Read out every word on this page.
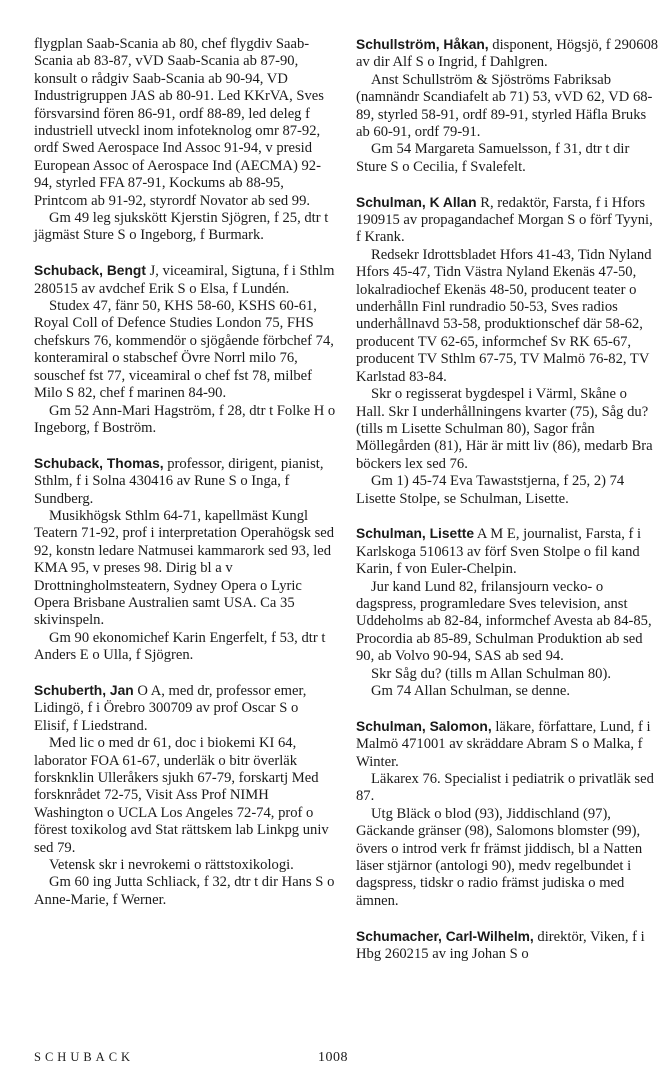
flygplan Saab-Scania ab 80, chef flygdiv Saab-Scania ab 83-87, vVD Saab-Scania ab 87-90, konsult o rådgiv Saab-Scania ab 90-94, VD Industrigruppen JAS ab 80-91. Led KKrVA, Sves försvarsind fören 86-91, ordf 88-89, led deleg f industriell utveckl inom infoteknolog omr 87-92, ordf Swed Aerospace Ind Assoc 91-94, v presid European Assoc of Aerospace Ind (AECMA) 92-94, styrled FFA 87-91, Kockums ab 88-95, Printcom ab 91-92, styrordf Novator ab sed 99.

Gm 49 leg sjukskött Kjerstin Sjögren, f 25, dtr t jägmäst Sture S o Ingeborg, f Burmark.

Schuback, Bengt J, viceamiral, Sigtuna, f i Sthlm 280515 av avdchef Erik S o Elsa, f Lundén.

Studex 47, fänr 50, KHS 58-60, KSHS 60-61, Royal Coll of Defence Studies London 75, FHS chefskurs 76, kommendör o sjögående förbchef 74, konteramiral o stabschef Övre Norrl milo 76, souschef fst 77, viceamiral o chef fst 78, milbef Milo S 82, chef f marinen 84-90.

Gm 52 Ann-Mari Hagström, f 28, dtr t Folke H o Ingeborg, f Boström.

Schuback, Thomas, professor, dirigent, pianist, Sthlm, f i Solna 430416 av Rune S o Inga, f Sundberg.

Musikhögsk Sthlm 64-71, kapellmäst Kungl Teatern 71-92, prof i interpretation Operahögsk sed 92, konstn ledare Natmusei kammarork sed 93, led KMA 95, v preses 98. Dirig bl a v Drottningholmsteatern, Sydney Opera o Lyric Opera Brisbane Australien samt USA. Ca 35 skivinspeln.

Gm 90 ekonomichef Karin Engerfelt, f 53, dtr t Anders E o Ulla, f Sjögren.

Schuberth, Jan O A, med dr, professor emer, Lidingö, f i Örebro 300709 av prof Oscar S o Elisif, f Liedstrand.

Med lic o med dr 61, doc i biokemi KI 64, laborator FOA 61-67, underläk o bitr överläk forsknklin Ulleråkers sjukh 67-79, forskartj Med forsknrådet 72-75, Visit Ass Prof NIMH Washington o UCLA Los Angeles 72-74, prof o förest toxikolog avd Stat rättskem lab Linkpg univ sed 79.

Vetensk skr i nevrokemi o rättstoxikologi.

Gm 60 ing Jutta Schliack, f 32, dtr t dir Hans S o Anne-Marie, f Werner.

Schullström, Håkan, disponent, Högsjö, f 290608 av dir Alf S o Ingrid, f Dahlgren.

Anst Schullström & Sjöströms Fabriksab (namnändr Scandiafelt ab 71) 53, vVD 62, VD 68-89, styrled 58-91, ordf 89-91, styrled Häfla Bruks ab 60-91, ordf 79-91.

Gm 54 Margareta Samuelsson, f 31, dtr t dir Sture S o Cecilia, f Svalefelt.

Schulman, K Allan R, redaktör, Farsta, f i Hfors 190915 av propagandachef Morgan S o förf Tyyni, f Krank.

Redsekr Idrottsbladet Hfors 41-43, Tidn Nyland Hfors 45-47, Tidn Västra Nyland Ekenäs 47-50, lokalradiochef Ekenäs 48-50, producent teater o underhålln Finl rundradio 50-53, Sves radios underhållnavd 53-58, produktionschef där 58-62, producent TV 62-65, informchef Sv RK 65-67, producent TV Sthlm 67-75, TV Malmö 76-82, TV Karlstad 83-84.

Skr o regisserat bygdespel i Värml, Skåne o Hall. Skr I underhållningens kvarter (75), Såg du? (tills m Lisette Schulman 80), Sagor från Möllegården (81), Här är mitt liv (86), medarb Bra böckers lex sed 76.

Gm 1) 45-74 Eva Tawaststjerna, f 25, 2) 74 Lisette Stolpe, se Schulman, Lisette.

Schulman, Lisette A M E, journalist, Farsta, f i Karlskoga 510613 av förf Sven Stolpe o fil kand Karin, f von Euler-Chelpin.

Jur kand Lund 82, frilansjourn vecko- o dagspress, programledare Sves television, anst Uddeholms ab 82-84, informchef Avesta ab 84-85, Procordia ab 85-89, Schulman Produktion ab sed 90, ab Volvo 90-94, SAS ab sed 94.

Skr Såg du? (tills m Allan Schulman 80).

Gm 74 Allan Schulman, se denne.

Schulman, Salomon, läkare, författare, Lund, f i Malmö 471001 av skräddare Abram S o Malka, f Winter.

Läkarex 76. Specialist i pediatrik o privatläk sed 87.

Utg Bläck o blod (93), Jiddischland (97), Gäckande gränser (98), Salomons blomster (99), övers o introd verk fr främst jiddisch, bl a Natten läser stjärnor (antologi 90), medv regelbundet i dagspress, tidskr o radio främst judiska o med ämnen.

Schumacher, Carl-Wilhelm, direktör, Viken, f i Hbg 260215 av ing Johan S o

SCHUBACK	1008
